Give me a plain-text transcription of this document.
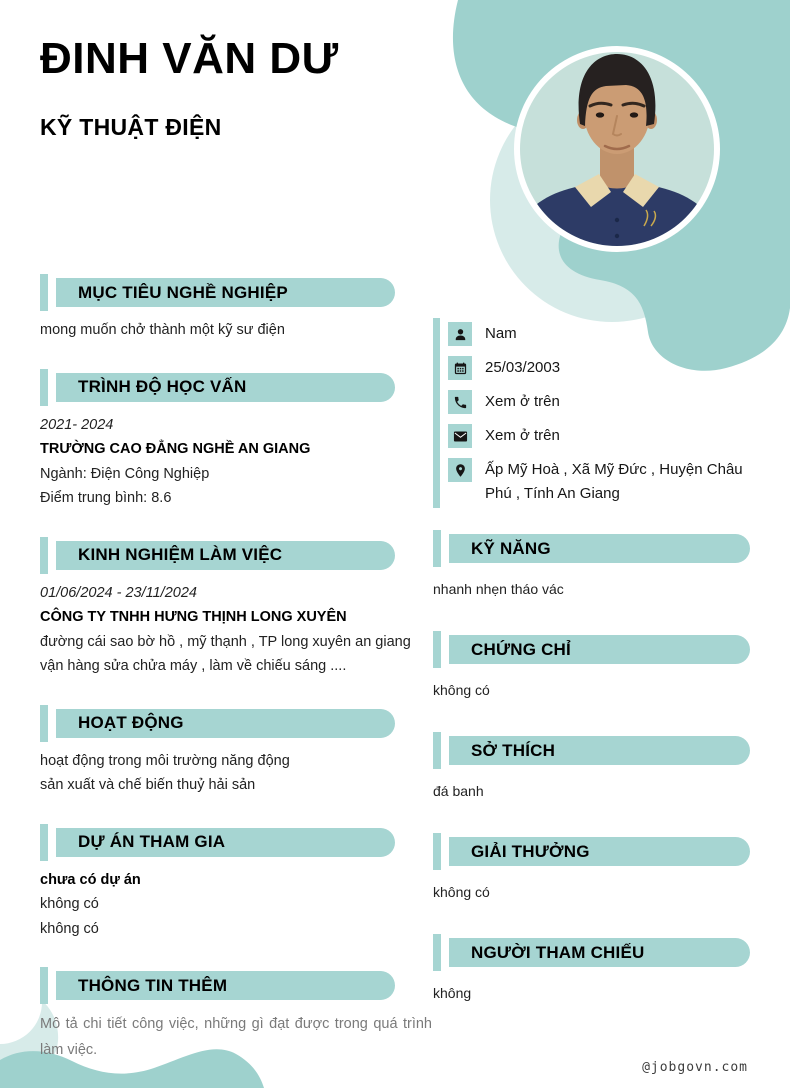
ĐINH VĂN DƯ
KỸ THUẬT ĐIỆN
MỤC TIÊU NGHỀ NGHIỆP
mong muốn chở thành một kỹ sư điện
TRÌNH ĐỘ HỌC VẤN
2021- 2024
TRƯỜNG CAO ĐẲNG NGHỀ AN GIANG
Ngành: Điện Công Nghiệp
Điểm trung bình: 8.6
KINH NGHIỆM LÀM VIỆC
01/06/2024 - 23/11/2024
CÔNG TY TNHH HƯNG THỊNH LONG XUYÊN
đường cái sao bờ hồ , mỹ thạnh , TP long xuyên an giang
vận hàng sửa chửa máy , làm về chiếu sáng ....
HOẠT ĐỘNG
hoạt động trong môi trường năng động
sản xuất và chế biến thuỷ hải sản
DỰ ÁN THAM GIA
chưa có dự án
không có
không có
THÔNG TIN THÊM
Mô tả chi tiết công việc, những gì đạt được trong quá trình làm việc.
Nam
25/03/2003
Xem ở trên
Xem ở trên
Ấp Mỹ Hoà , Xã Mỹ Đức , Huyện Châu Phú , Tính An Giang
KỸ NĂNG
nhanh nhẹn tháo vác
CHỨNG CHỈ
không có
SỞ THÍCH
đá banh
GIẢI THƯỞNG
không có
NGƯỜI THAM CHIẾU
không
@jobgovn.com
